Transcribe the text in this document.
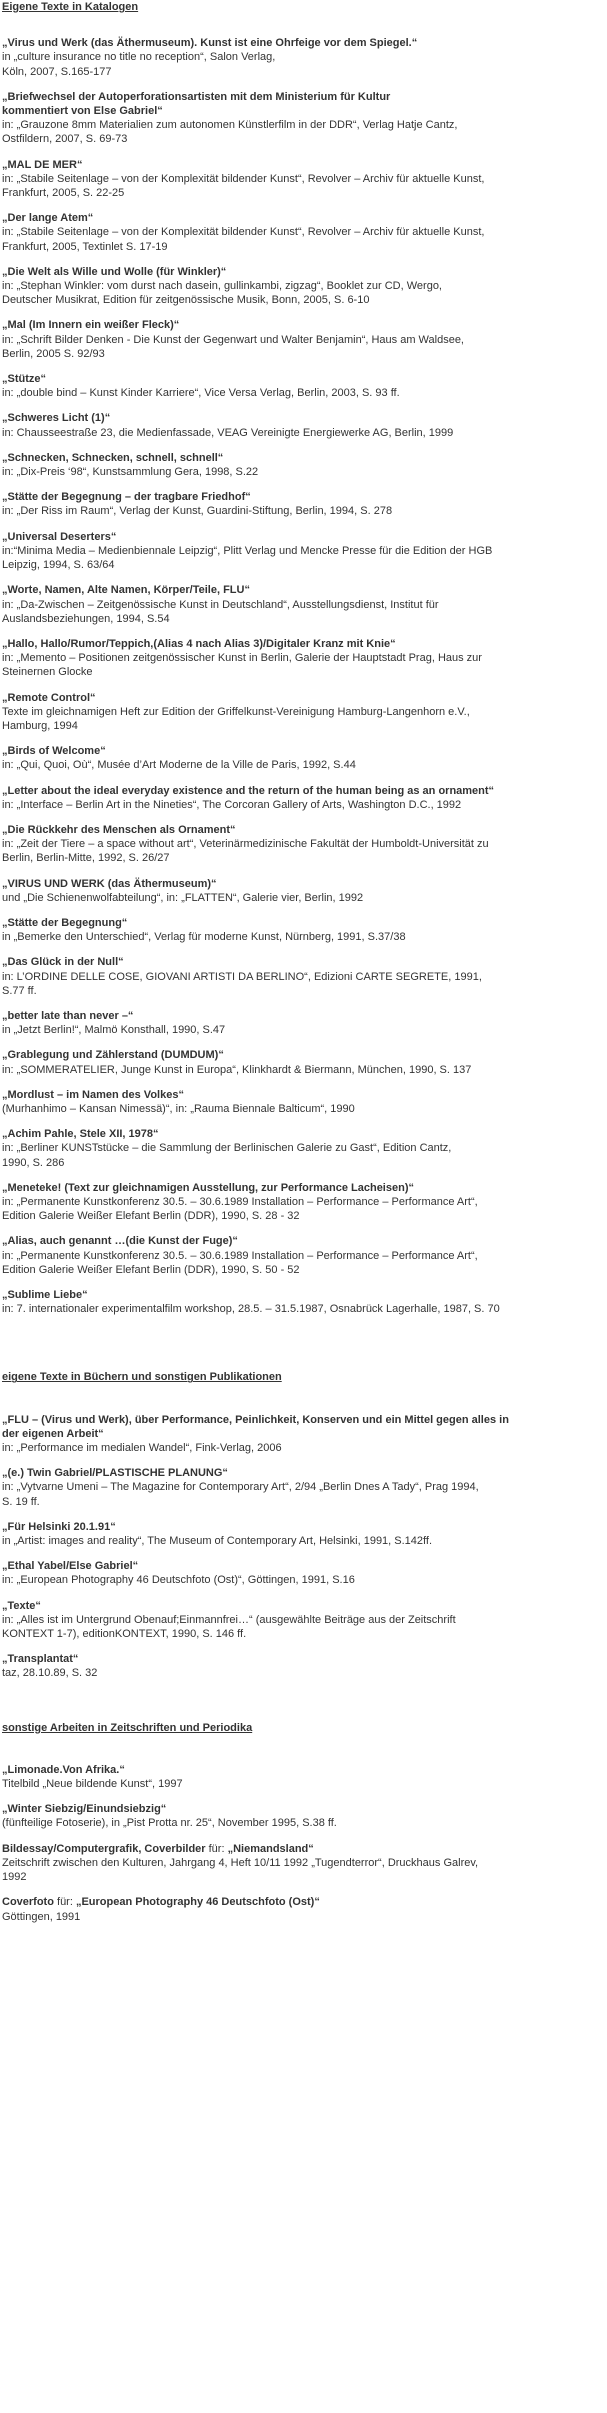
Eigene Texte in Katalogen
„Virus und Werk (das Äthermuseum). Kunst ist eine Ohrfeige vor dem Spiegel.“
in „culture insurance no title no reception“, Salon Verlag,
Köln, 2007, S.165-177
„Briefwechsel der Autoperforationsartisten mit dem Ministerium für Kultur
kommentiert von Else Gabriel“
in: „Grauzone 8mm Materialien zum autonomen Künstlerfilm in der DDR“, Verlag Hatje Cantz,
Ostfildern, 2007, S. 69-73
„MAL DE MER“
in: „Stabile Seitenlage – von der Komplexität bildender Kunst“, Revolver – Archiv für aktuelle Kunst,
Frankfurt, 2005, S. 22-25
„Der lange Atem“
in: „Stabile Seitenlage – von der Komplexität bildender Kunst“, Revolver – Archiv für aktuelle Kunst,
Frankfurt, 2005, Textinlet S. 17-19
„Die Welt als Wille und Wolle (für Winkler)“
in: „Stephan Winkler: vom durst nach dasein, gullinkambi, zigzag“, Booklet zur CD, Wergo,
Deutscher Musikrat, Edition für zeitgenössische Musik, Bonn, 2005, S. 6-10
„Mal (Im Innern ein weißer Fleck)“
in: „Schrift Bilder Denken - Die Kunst der Gegenwart und Walter Benjamin“, Haus am Waldsee,
Berlin, 2005 S. 92/93
„Stütze“
in: „double bind – Kunst Kinder Karriere“, Vice Versa Verlag, Berlin, 2003, S. 93 ff.
„Schweres Licht (1)“
in: Chausseestraße 23, die Medienfassade, VEAG Vereinigte Energiewerke AG, Berlin, 1999
„Schnecken, Schnecken, schnell, schnell“
in: „Dix-Preis ‘98“, Kunstsammlung Gera, 1998, S.22
„Stätte der Begegnung – der tragbare Friedhof“
in: „Der Riss im Raum“, Verlag der Kunst, Guardini-Stiftung, Berlin, 1994, S. 278
„Universal Deserters“
in:“Minima Media – Medienbiennale Leipzig“, Plitt Verlag und Mencke Presse für die Edition der HGB
Leipzig, 1994, S. 63/64
„Worte, Namen, Alte Namen, Körper/Teile, FLU“
in: „Da-Zwischen – Zeitgenössische Kunst in Deutschland“, Ausstellungsdienst, Institut für
Auslandsbeziehungen, 1994, S.54
„Hallo, Hallo/Rumor/Teppich,(Alias 4 nach Alias 3)/Digitaler Kranz mit Knie“
in: „Memento – Positionen zeitgenössischer Kunst in Berlin, Galerie der Hauptstadt Prag, Haus zur
Steinernen Glocke
„Remote Control“
Texte im gleichnamigen Heft zur Edition der Griffelkunst-Vereinigung Hamburg-Langenhorn e.V.,
Hamburg, 1994
„Birds of Welcome“
in: „Qui, Quoi, Où“, Musée d’Art Moderne de la Ville de Paris, 1992, S.44
„Letter about the ideal everyday existence and the return of the human being as an ornament“
in: „Interface – Berlin Art in the Nineties“, The Corcoran Gallery of Arts, Washington D.C., 1992
„Die Rückkehr des Menschen als Ornament“
in: „Zeit der Tiere – a space without art“, Veterinärmedizinische Fakultät der Humboldt-Universität zu
Berlin, Berlin-Mitte, 1992, S. 26/27
„VIRUS UND WERK (das Äthermuseum)“
und „Die Schienenwolfabteilung“, in: „FLATTEN“, Galerie vier, Berlin, 1992
„Stätte der Begegnung“
in „Bemerke den Unterschied“, Verlag für moderne Kunst, Nürnberg, 1991, S.37/38
„Das Glück in der Null“
in: L’ORDINE DELLE COSE, GIOVANI ARTISTI DA BERLINO“, Edizioni CARTE SEGRETE, 1991,
S.77 ff.
„better late than never –“
in „Jetzt Berlin!“, Malmö Konsthall, 1990, S.47
„Grablegung und Zählerstand (DUMDUM)“
in: „SOMMERATELIER, Junge Kunst in Europa“, Klinkhardt & Biermann, München, 1990, S. 137
„Mordlust – im Namen des Volkes“
(Murhanhimo – Kansan Nimessä)“, in: „Rauma Biennale Balticum“, 1990
„Achim Pahle, Stele XII, 1978“
in: „Berliner KUNSTstücke – die Sammlung der Berlinischen Galerie zu Gast“, Edition Cantz,
1990, S. 286
„Meneteke! (Text zur gleichnamigen Ausstellung, zur Performance Lacheisen)“
in: „Permanente Kunstkonferenz 30.5. – 30.6.1989 Installation – Performance – Performance Art“,
Edition Galerie Weißer Elefant Berlin (DDR), 1990, S. 28 - 32
„Alias, auch genannt …(die Kunst der Fuge)“
in: „Permanente Kunstkonferenz 30.5. – 30.6.1989 Installation – Performance – Performance Art“,
Edition Galerie Weißer Elefant Berlin (DDR), 1990, S. 50 - 52
„Sublime Liebe“
in: 7. internationaler experimentalfilm workshop, 28.5. – 31.5.1987, Osnabrück Lagerhalle, 1987, S. 70
eigene Texte in Büchern und sonstigen Publikationen
„FLU – (Virus und Werk), über Performance, Peinlichkeit, Konserven und ein Mittel gegen alles in
der eigenen Arbeit“
in: „Performance im medialen Wandel“, Fink-Verlag, 2006
„(e.) Twin Gabriel/PLASTISCHE PLANUNG“
in: „Vytvarne Umeni – The Magazine for Contemporary Art“, 2/94 „Berlin Dnes A Tady“, Prag 1994,
S. 19 ff.
„Für Helsinki 20.1.91“
in „Artist: images and reality“, The Museum of Contemporary Art, Helsinki, 1991, S.142ff.
„Ethal Yabel/Else Gabriel“
in: „European Photography 46 Deutschfoto (Ost)“, Göttingen, 1991, S.16
„Texte“
in: „Alles ist im Untergrund Obenauf;Einmannfrei…“ (ausgewählte Beiträge aus der Zeitschrift
KONTEXT 1-7), editionKONTEXT, 1990, S. 146 ff.
„Transplantat“
taz, 28.10.89, S. 32
sonstige Arbeiten in Zeitschriften und Periodika
„Limonade.Von Afrika.“
Titelbild „Neue bildende Kunst“, 1997
„Winter Siebzig/Einundsiebzig“
(fünfteilige Fotoserie), in „Pist Protta nr. 25“, November 1995, S.38 ff.
Bildessay/Computergrafik, Coverbilder für: „Niemandsland“
Zeitschrift zwischen den Kulturen, Jahrgang 4, Heft 10/11 1992 „Tugendterror“, Druckhaus Galrev,
1992
Coverfoto für: „European Photography 46 Deutschfoto (Ost)“
Göttingen, 1991
